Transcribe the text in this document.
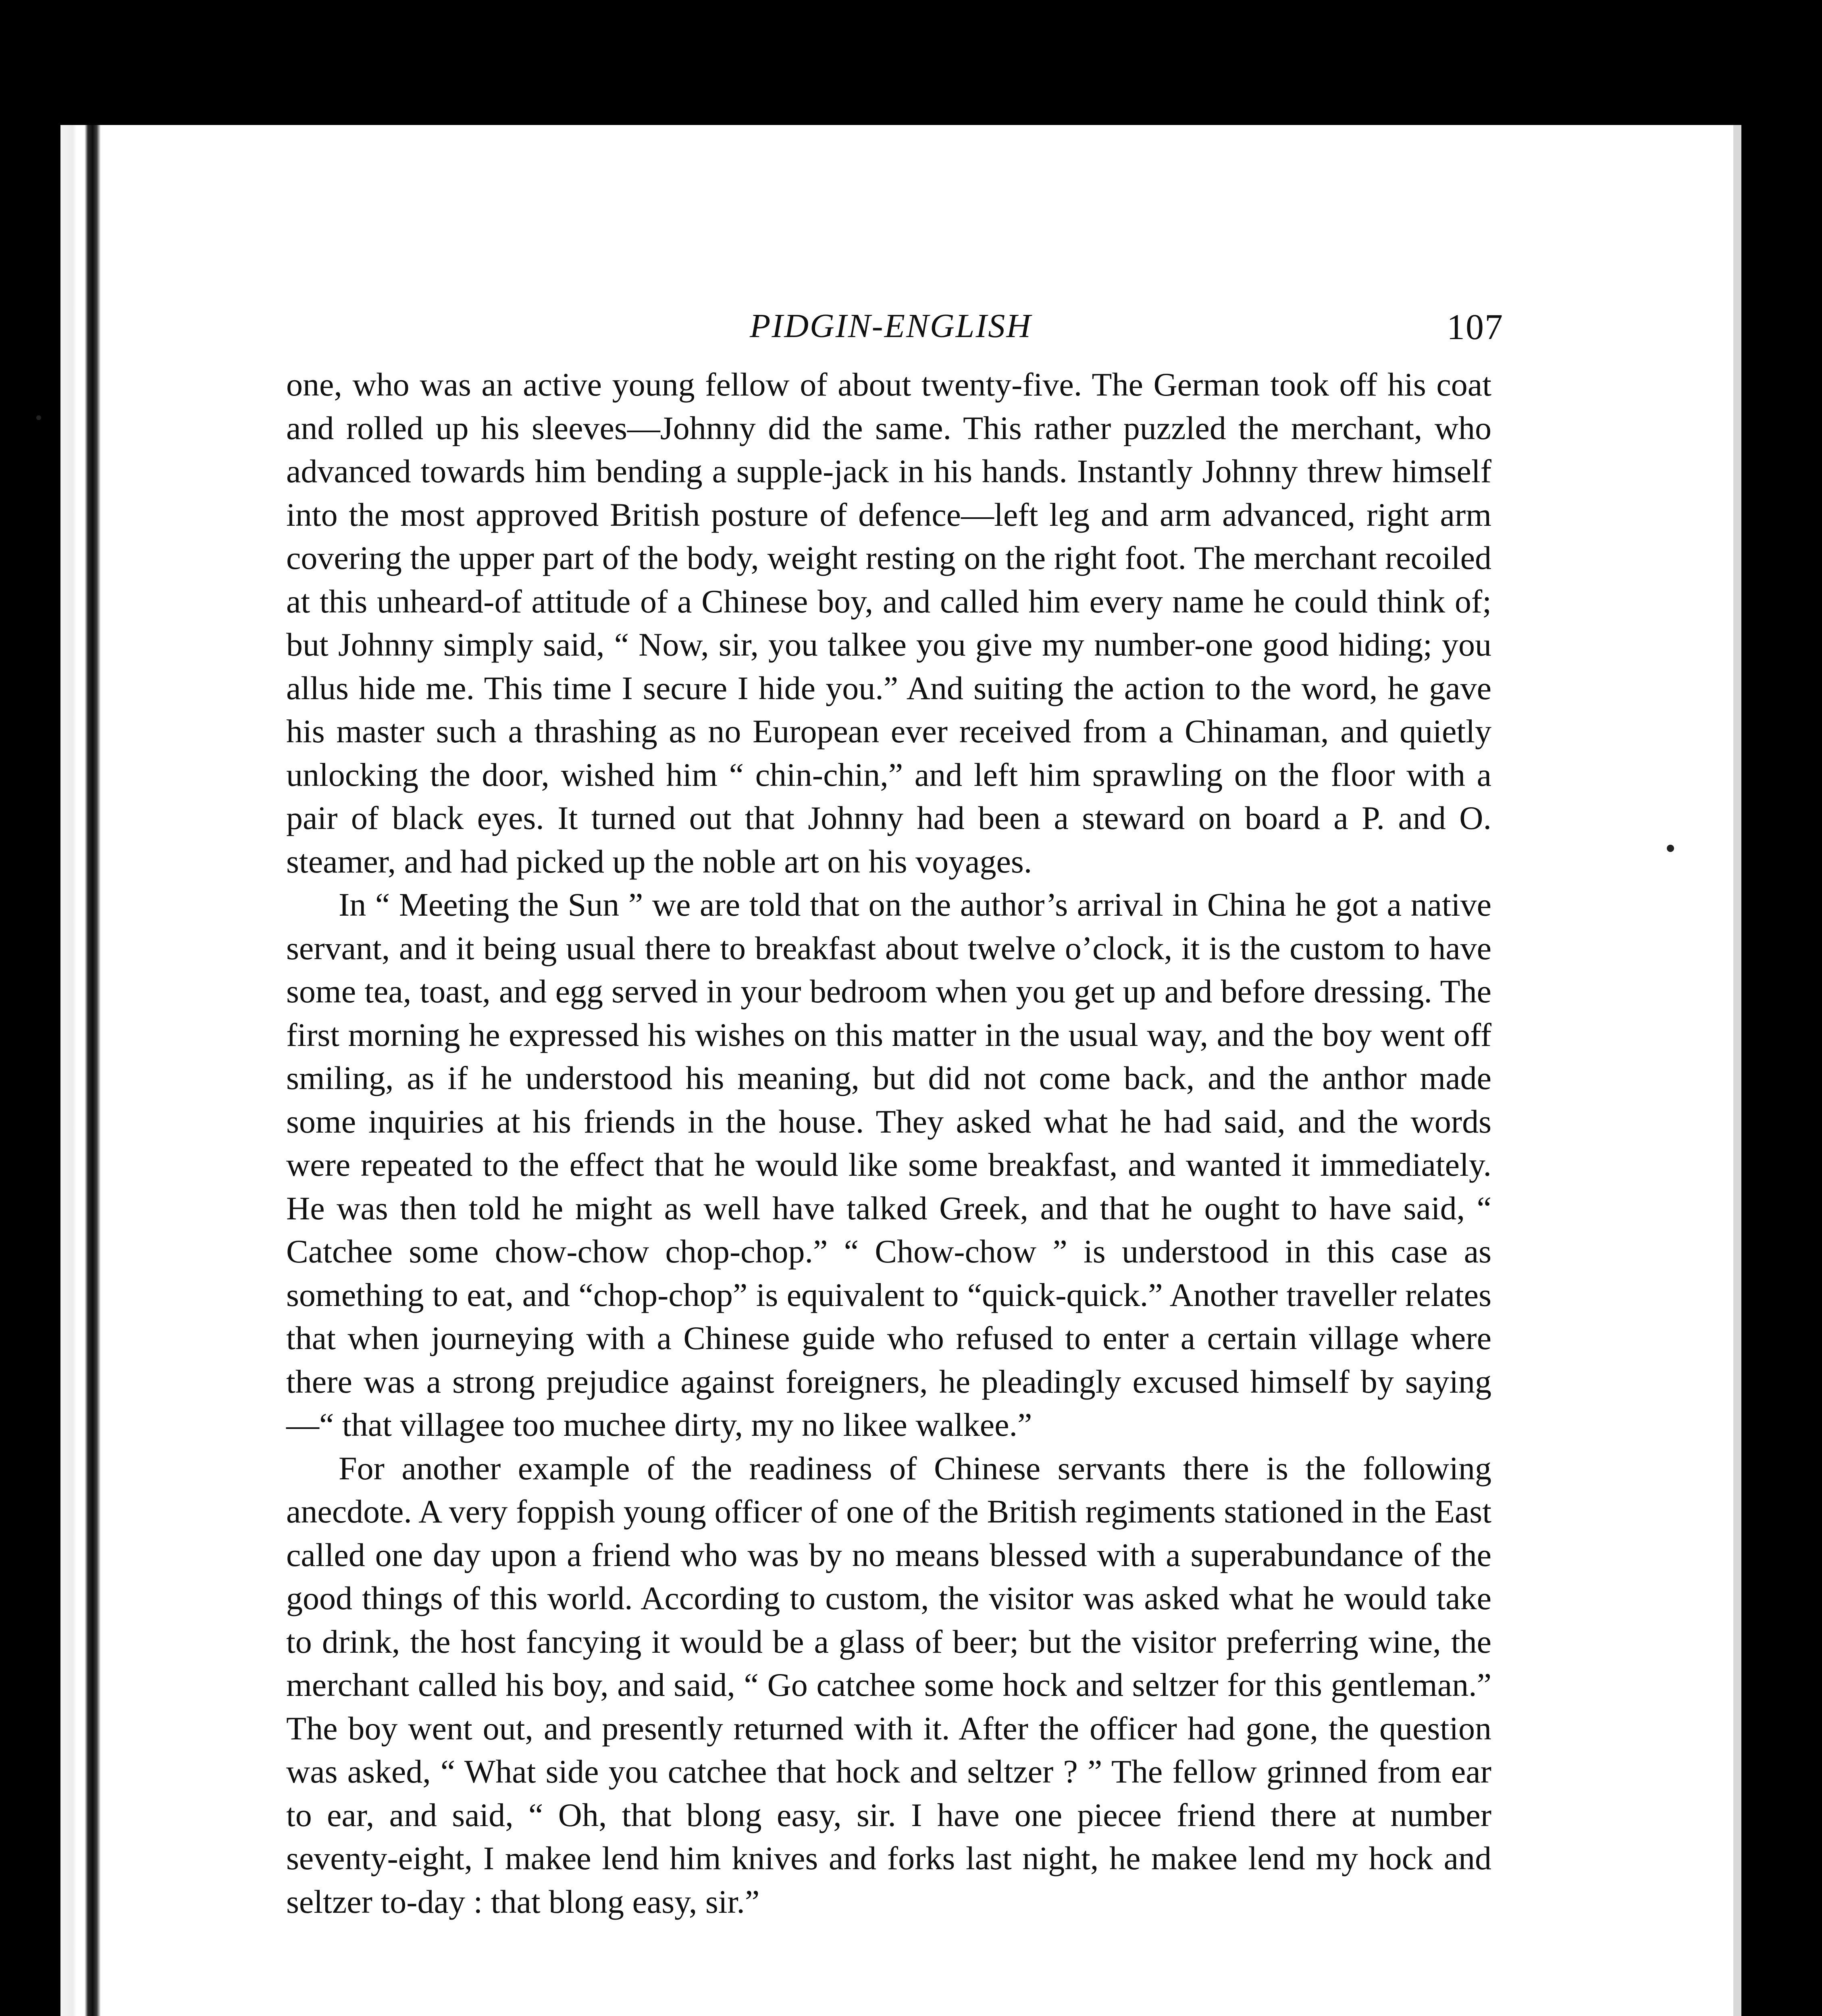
PIDGIN-ENGLISH	107

one, who was an active young fellow of about twenty-five. The German took off his coat and rolled up his sleeves—Johnny did the same. This rather puzzled the merchant, who advanced towards him bending a supple-jack in his hands. Instantly Johnny threw himself into the most approved British posture of defence—left leg and arm advanced, right arm covering the upper part of the body, weight resting on the right foot. The merchant recoiled at this unheard-of attitude of a Chinese boy, and called him every name he could think of; but Johnny simply said, “ Now, sir, you talkee you give my number-one good hiding; you allus hide me. This time I secure I hide you.” And suiting the action to the word, he gave his master such a thrashing as no European ever received from a Chinaman, and quietly unlocking the door, wished him “ chin-chin,” and left him sprawling on the floor with a pair of black eyes. It turned out that Johnny had been a steward on board a P. and O. steamer, and had picked up the noble art on his voyages.

In “ Meeting the Sun ” we are told that on the author’s arrival in China he got a native servant, and it being usual there to breakfast about twelve o’clock, it is the custom to have some tea, toast, and egg served in your bedroom when you get up and before dressing. The first morning he expressed his wishes on this matter in the usual way, and the boy went off smiling, as if he understood his meaning, but did not come back, and the anthor made some inquiries at his friends in the house. They asked what he had said, and the words were repeated to the effect that he would like some breakfast, and wanted it immediately. He was then told he might as well have talked Greek, and that he ought to have said, “ Catchee some chow-chow chop-chop.” “ Chow-chow ” is understood in this case as something to eat, and “chop-chop” is equivalent to “quick-quick.” Another traveller relates that when journeying with a Chinese guide who refused to enter a certain village where there was a strong prejudice against foreigners, he pleadingly excused himself by saying—“ that villagee too muchee dirty, my no likee walkee.”

For another example of the readiness of Chinese servants there is the following anecdote. A very foppish young officer of one of the British regiments stationed in the East called one day upon a friend who was by no means blessed with a superabundance of the good things of this world. According to custom, the visitor was asked what he would take to drink, the host fancying it would be a glass of beer; but the visitor preferring wine, the merchant called his boy, and said, “ Go catchee some hock and seltzer for this gentleman.” The boy went out, and presently returned with it. After the officer had gone, the question was asked, “ What side you catchee that hock and seltzer ? ” The fellow grinned from ear to ear, and said, “ Oh, that blong easy, sir. I have one piecee friend there at number seventy-eight, I makee lend him knives and forks last night, he makee lend my hock and seltzer to-day : that blong easy, sir.”
